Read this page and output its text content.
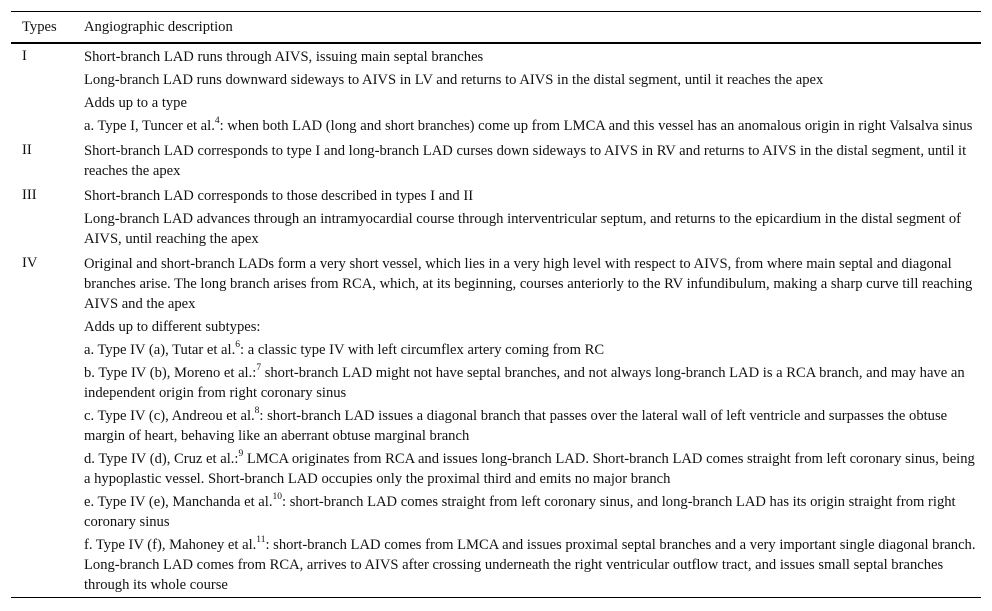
Types	Angiographic description
I	Short-branch LAD runs through AIVS, issuing main septal branches

Long-branch LAD runs downward sideways to AIVS in LV and returns to AIVS in the distal segment, until it reaches the apex

Adds up to a type

a. Type I, Tuncer et al.$^4$: when both LAD (long and short branches) come up from LMCA and this vessel has an anomalous origin in right Valsalva sinus

II	Short-branch LAD corresponds to type I and long-branch LAD curses down sideways to AIVS in RV and returns to AIVS in the distal segment, until it reaches the apex

III	Short-branch LAD corresponds to those described in types I and II

Long-branch LAD advances through an intramyocardial course through interventricular septum, and returns to the epicardium in the distal segment of AIVS, until reaching the apex

IV	Original and short-branch LADs form a very short vessel, which lies in a very high level with respect to AIVS, from where main septal and diagonal branches arise. The long branch arises from RCA, which, at its beginning, courses anteriorly to the RV infundibulum, making a sharp curve till reaching AIVS and the apex

Adds up to different subtypes:

a. Type IV (a), Tutar et al.$^6$: a classic type IV with left circumflex artery coming from RC

b. Type IV (b), Moreno et al.:$^7$ short-branch LAD might not have septal branches, and not always long-branch LAD is a RCA branch, and may have an independent origin from right coronary sinus

c. Type IV (c), Andreou et al.$^8$: short-branch LAD issues a diagonal branch that passes over the lateral wall of left ventricle and surpasses the obtuse margin of heart, behaving like an aberrant obtuse marginal branch

d. Type IV (d), Cruz et al.:$^9$ LMCA originates from RCA and issues long-branch LAD. Short-branch LAD comes straight from left coronary sinus, being a hypoplastic vessel. Short-branch LAD occupies only the proximal third and emits no major branch

e. Type IV (e), Manchanda et al.$^{10}$: short-branch LAD comes straight from left coronary sinus, and long-branch LAD has its origin straight from right coronary sinus

f. Type IV (f), Mahoney et al.$^{11}$: short-branch LAD comes from LMCA and issues proximal septal branches and a very important single diagonal branch. Long-branch LAD comes from RCA, arrives to AIVS after crossing underneath the right ventricular outflow tract, and issues small septal branches through its whole course
